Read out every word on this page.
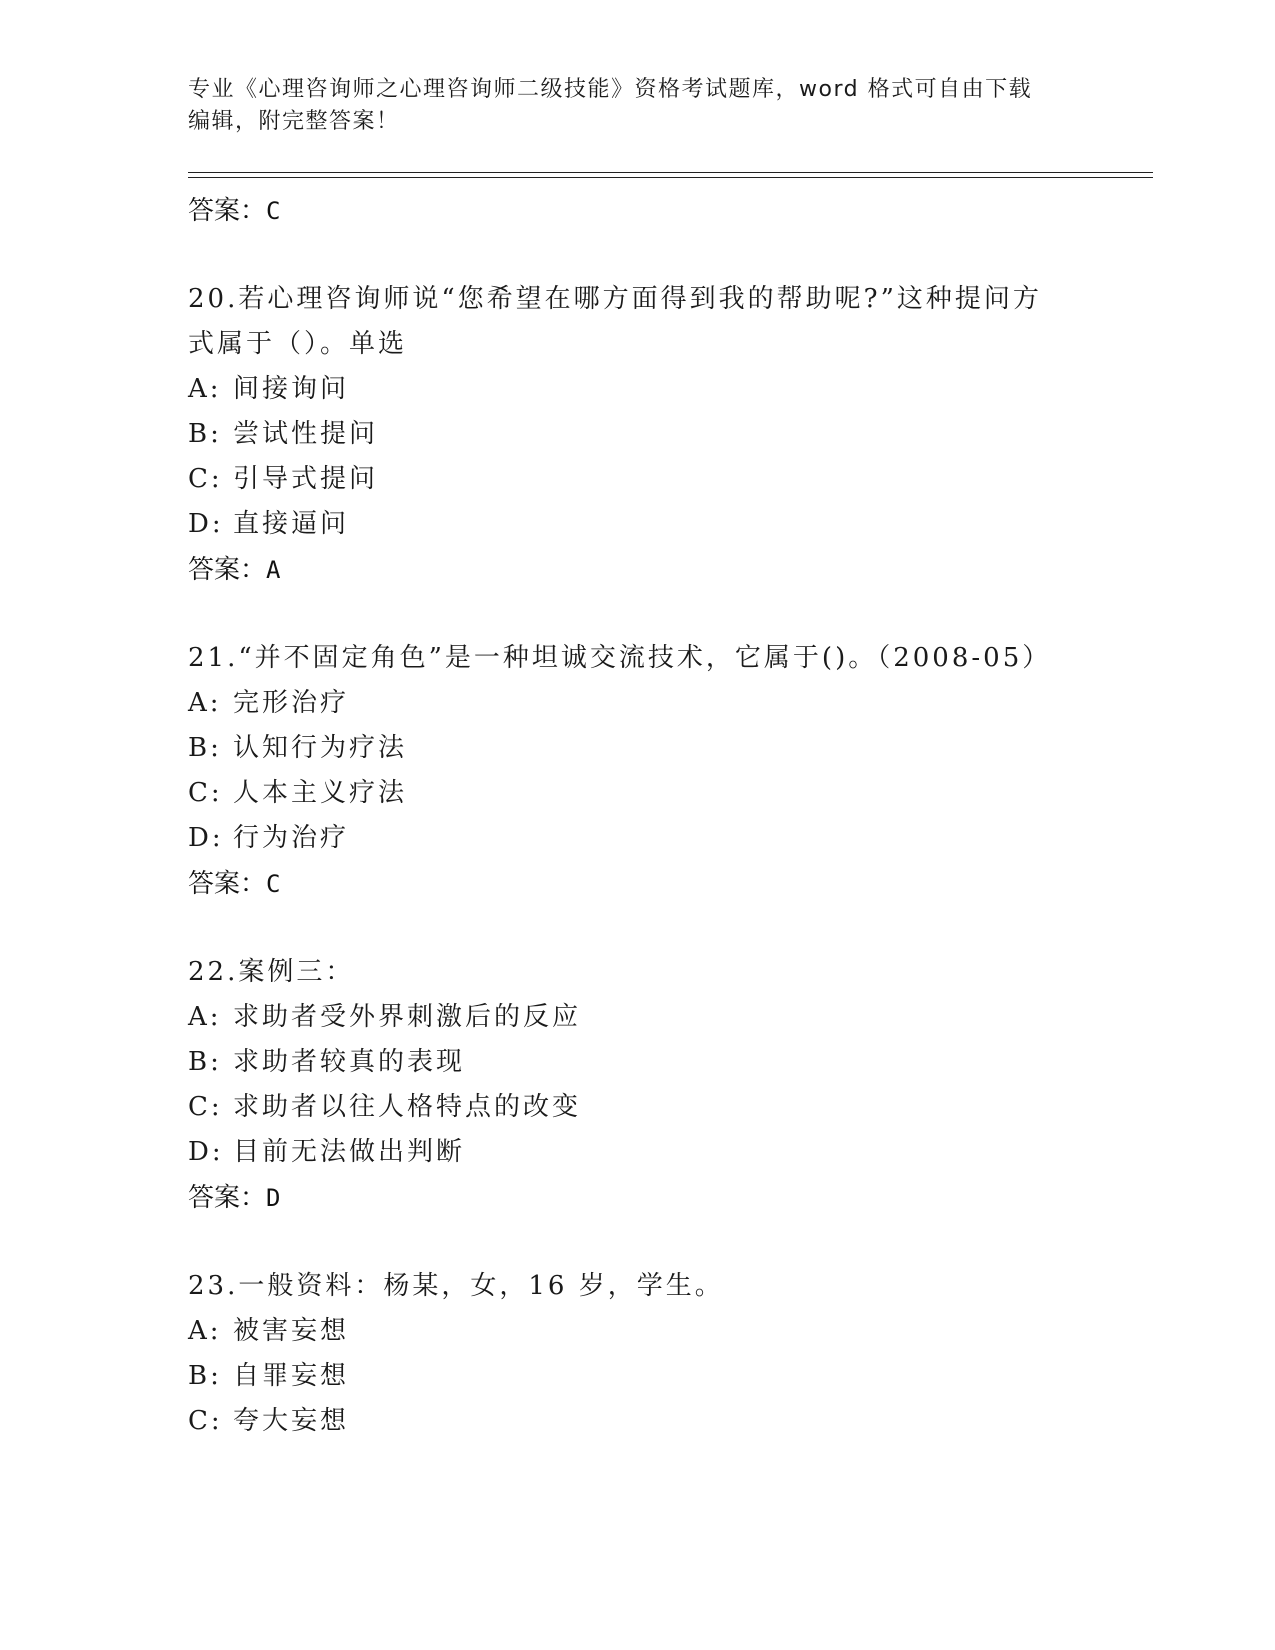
专业《心理咨询师之心理咨询师二级技能》资格考试题库，word 格式可自由下载
编辑，附完整答案！
答案：C
20.若心理咨询师说“您希望在哪方面得到我的帮助呢?”这种提问方式属于（）。单选
A: 间接询问
B: 尝试性提问
C: 引导式提问
D: 直接逼问
答案：A
21.“并不固定角色”是一种坦诚交流技术，它属于()。（2008-05）
A: 完形治疗
B: 认知行为疗法
C: 人本主义疗法
D: 行为治疗
答案：C
22.案例三：
A: 求助者受外界刺激后的反应
B: 求助者较真的表现
C: 求助者以往人格特点的改变
D: 目前无法做出判断
答案：D
23.一般资料：杨某，女，16 岁，学生。
A: 被害妄想
B: 自罪妄想
C: 夸大妄想
